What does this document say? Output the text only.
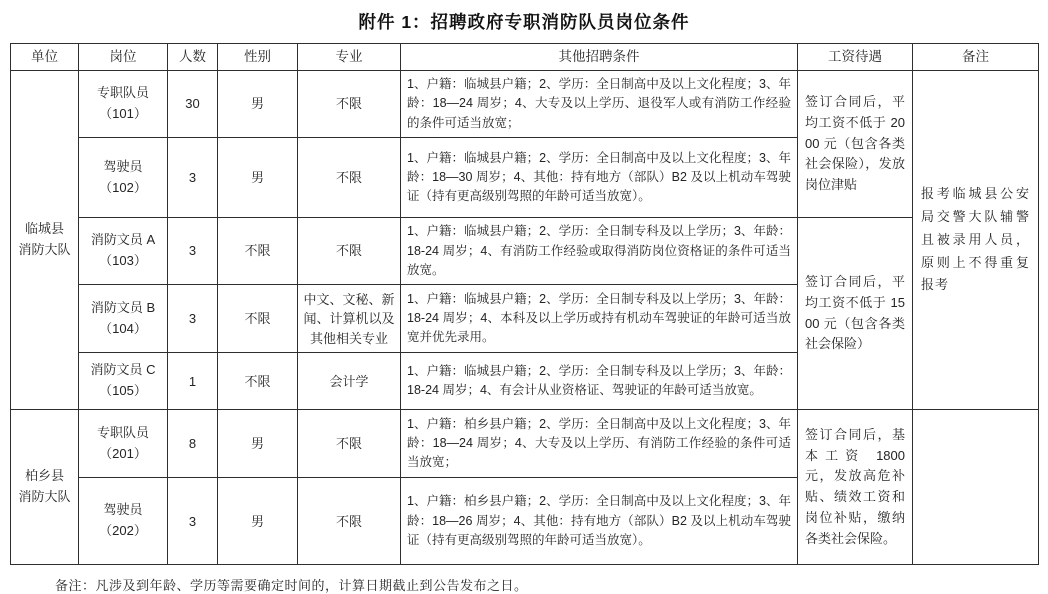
附件 1：招聘政府专职消防队员岗位条件
单位	岗位	人数	性别	专业	其他招聘条件	工资待遇	备注

临城县
消防大队	专职队员
（101）	30	男	不限	1、户籍：临城县户籍；2、学历：全日制高中及以上文化程度；3、年龄：18—24 周岁；4、大专及以上学历、退役军人或有消防工作经验的条件可适当放宽；	签订合同后，平均工资不低于 2000 元（包含各类社会保险），发放岗位津贴	报考临城县公安局交警大队辅警且被录用人员，原则上不得重复报考

	驾驶员
（102）	3	男	不限	1、户籍：临城县户籍；2、学历：全日制高中及以上文化程度；3、年龄：18—30 周岁；4、其他：持有地方（部队）B2 及以上机动车驾驶证（持有更高级别驾照的年龄可适当放宽）。		

	消防文员 A
（103）	3	不限	不限	1、户籍：临城县户籍；2、学历：全日制专科及以上学历；3、年龄：18-24 周岁；4、有消防工作经验或取得消防岗位资格证的条件可适当放宽。	签订合同后，平均工资不低于 1500 元（包含各类社会保险）	

	消防文员 B
（104）	3	不限	中文、文秘、新闻、计算机以及其他相关专业	1、户籍：临城县户籍；2、学历：全日制专科及以上学历；3、年龄：18-24 周岁；4、本科及以上学历或持有机动车驾驶证的年龄可适当放宽并优先录用。		

	消防文员 C
（105）	1	不限	会计学	1、户籍：临城县户籍；2、学历：全日制专科及以上学历；3、年龄：18-24 周岁；4、有会计从业资格证、驾驶证的年龄可适当放宽。		

柏乡县
消防大队	专职队员
（201）	8	男	不限	1、户籍：柏乡县户籍；2、学历：全日制高中及以上文化程度；3、年龄：18—24 周岁；4、大专及以上学历、有消防工作经验的条件可适当放宽；	签订合同后，基本工资 1800 元，发放高危补贴、绩效工资和岗位补贴，缴纳各类社会保险。	

	驾驶员
（202）	3	男	不限	1、户籍：柏乡县户籍；2、学历：全日制高中及以上文化程度；3、年龄：18—26 周岁；4、其他：持有地方（部队）B2 及以上机动车驾驶证（持有更高级别驾照的年龄可适当放宽）。		
备注：凡涉及到年龄、学历等需要确定时间的，计算日期截止到公告发布之日。
